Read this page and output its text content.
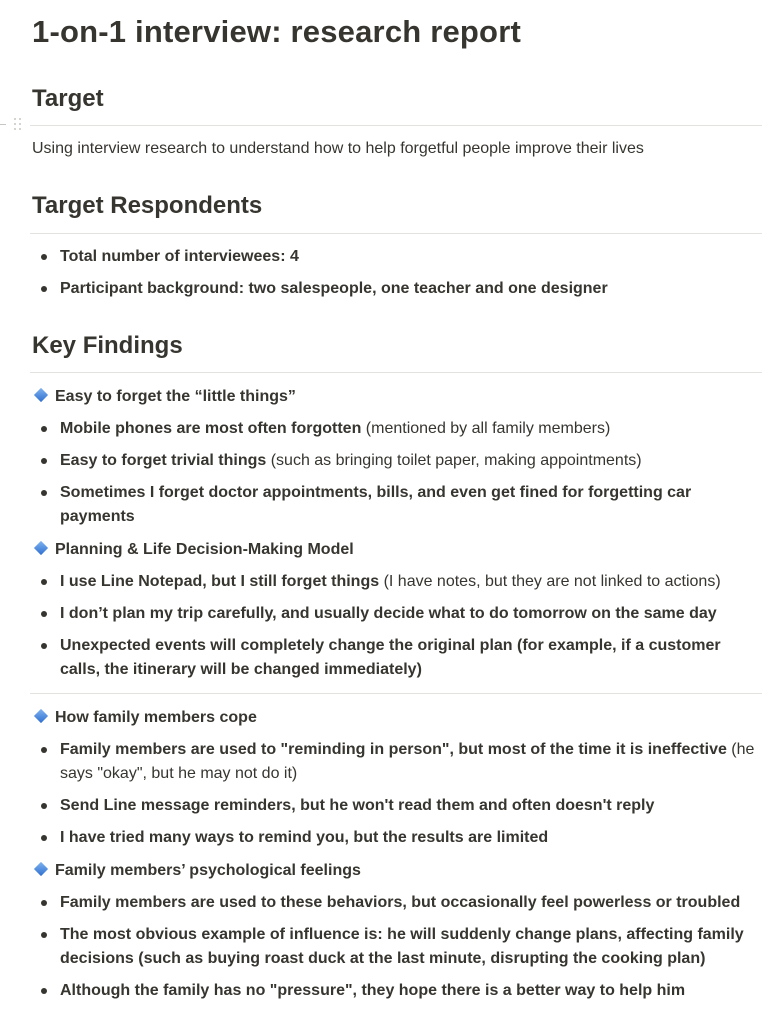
1-on-1 interview: research report
Target
Using interview research to understand how to help forgetful people improve their lives
Target Respondents
Total number of interviewees: 4
Participant background: two salespeople, one teacher and one designer
Key Findings
Easy to forget the “little things”
Mobile phones are most often forgotten (mentioned by all family members)
Easy to forget trivial things (such as bringing toilet paper, making appointments)
Sometimes I forget doctor appointments, bills, and even get fined for forgetting car payments
Planning & Life Decision-Making Model
I use Line Notepad, but I still forget things (I have notes, but they are not linked to actions)
I don’t plan my trip carefully, and usually decide what to do tomorrow on the same day
Unexpected events will completely change the original plan (for example, if a customer calls, the itinerary will be changed immediately)
How family members cope
Family members are used to "reminding in person", but most of the time it is ineffective (he says "okay", but he may not do it)
Send Line message reminders, but he won't read them and often doesn't reply
I have tried many ways to remind you, but the results are limited
Family members’ psychological feelings
Family members are used to these behaviors, but occasionally feel powerless or troubled
The most obvious example of influence is: he will suddenly change plans, affecting family decisions (such as buying roast duck at the last minute, disrupting the cooking plan)
Although the family has no "pressure", they hope there is a better way to help him
